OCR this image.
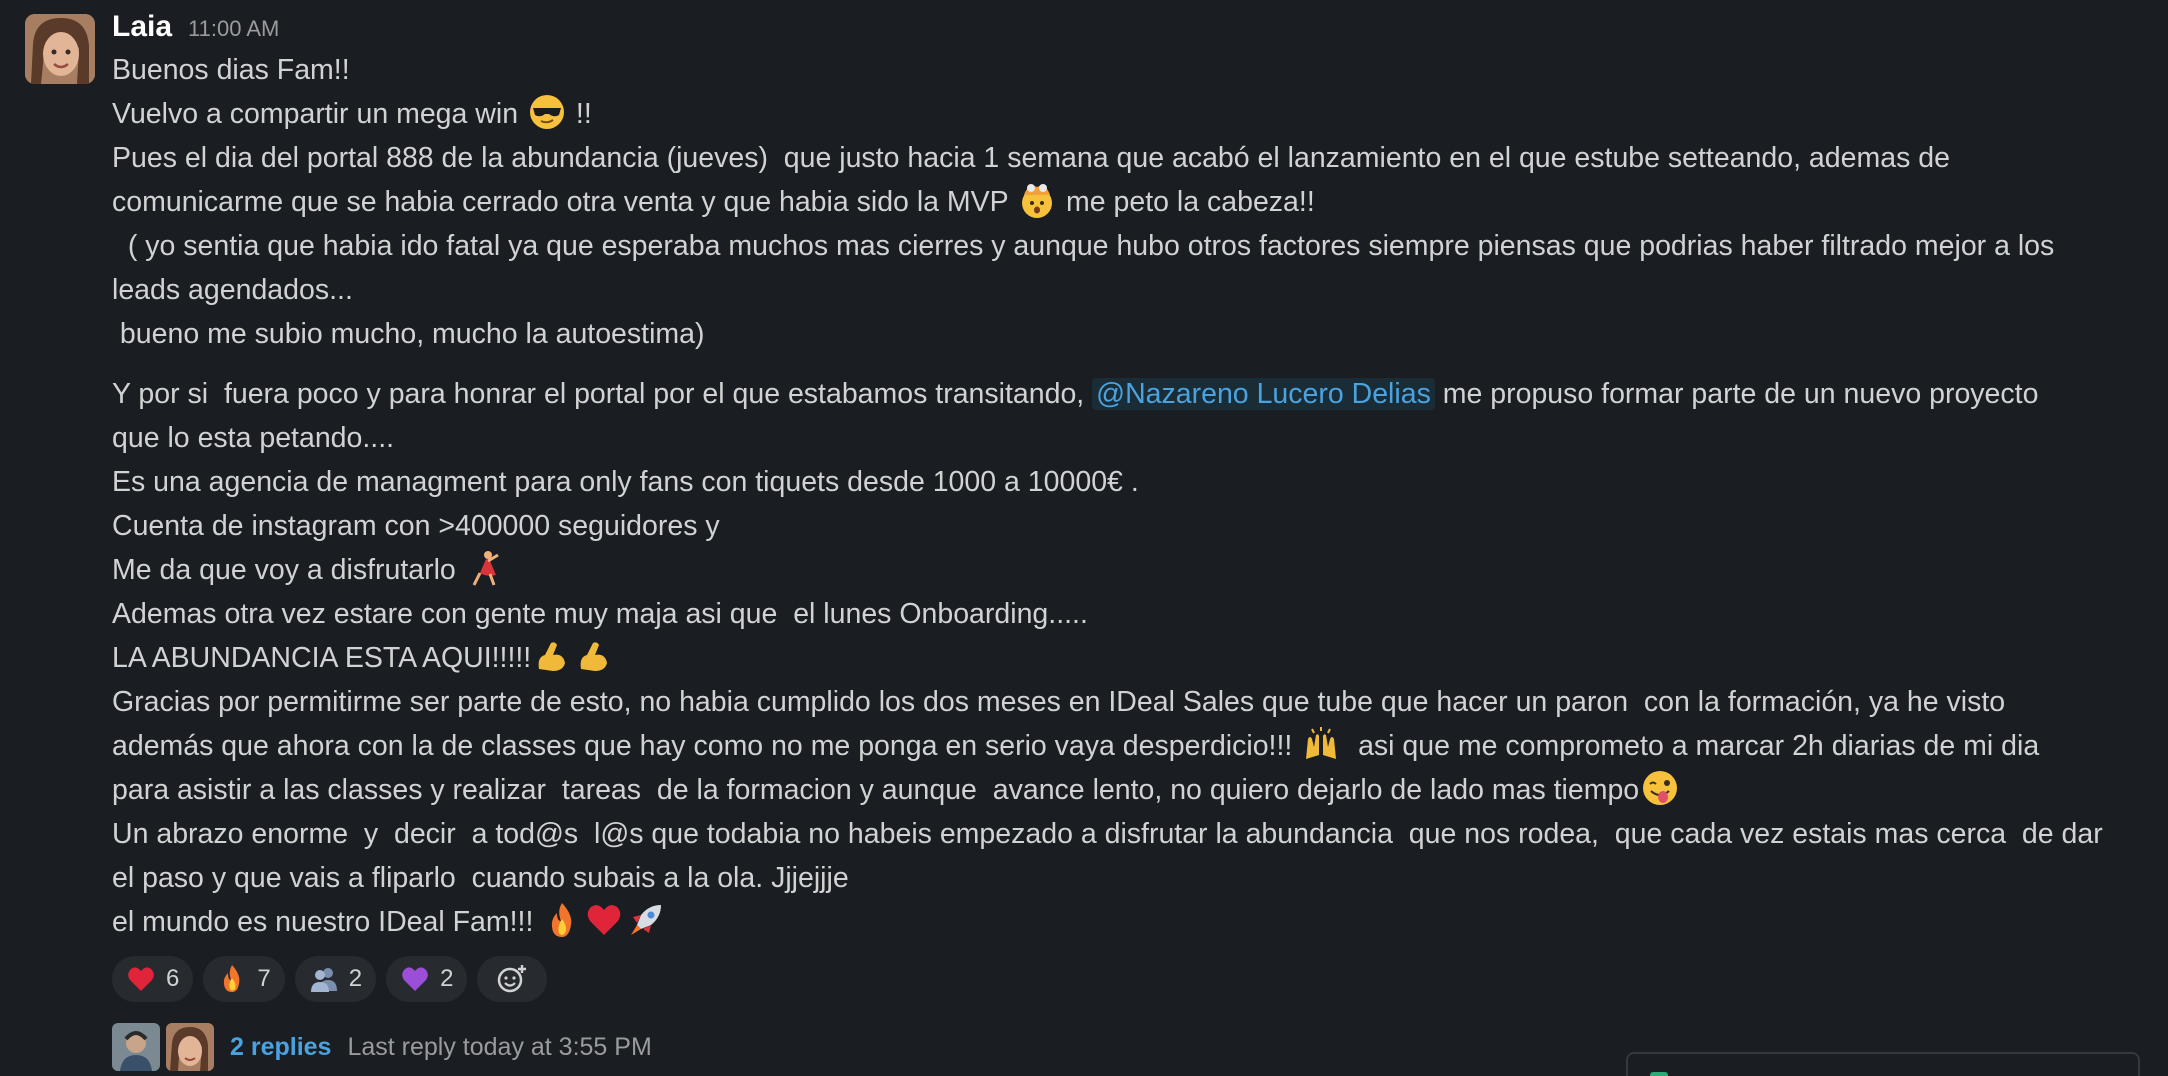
Laia 11:00 AM
Buenos dias Fam!!
Vuelvo a compartir un mega win  !!
Pues el dia del portal 888 de la abundancia (jueves)  que justo hacia 1 semana que acabó el lanzamiento en el que estube setteando, ademas de
comunicarme que se habia cerrado otra venta y que habia sido la MVP  me peto la cabeza!!
( yo sentia que habia ido fatal ya que esperaba muchos mas cierres y aunque hubo otros factores siempre piensas que podrias haber filtrado mejor a los
leads agendados...
bueno me subio mucho, mucho la autoestima)
Y por si  fuera poco y para honrar el portal por el que estabamos transitando, @Nazareno Lucero Delias me propuso formar parte de un nuevo proyecto
que lo esta petando....
Es una agencia de managment para only fans con tiquets desde 1000 a 10000€ .
Cuenta de instagram con >400000 seguidores y
Me da que voy a disfrutarlo
Ademas otra vez estare con gente muy maja asi que  el lunes Onboarding.....
LA ABUNDANCIA ESTA AQUI!!!!!
Gracias por permitirme ser parte de esto, no habia cumplido los dos meses en IDeal Sales que tube que hacer un paron  con la formación, ya he visto
además que ahora con la de classes que hay como no me ponga en serio vaya desperdicio!!!   asi que me comprometo a marcar 2h diarias de mi dia
para asistir a las classes y realizar  tareas  de la formacion y aunque  avance lento, no quiero dejarlo de lado mas tiempo
Un abrazo enorme  y  decir  a tod@s  l@s que todabia no habeis empezado a disfrutar la abundancia  que nos rodea,  que cada vez estais mas cerca  de dar
el paso y que vais a fliparlo  cuando subais a la ola. Jjjejjje
el mundo es nuestro IDeal Fam!!!
6	7	2	2
2 replies Last reply today at 3:55 PM
